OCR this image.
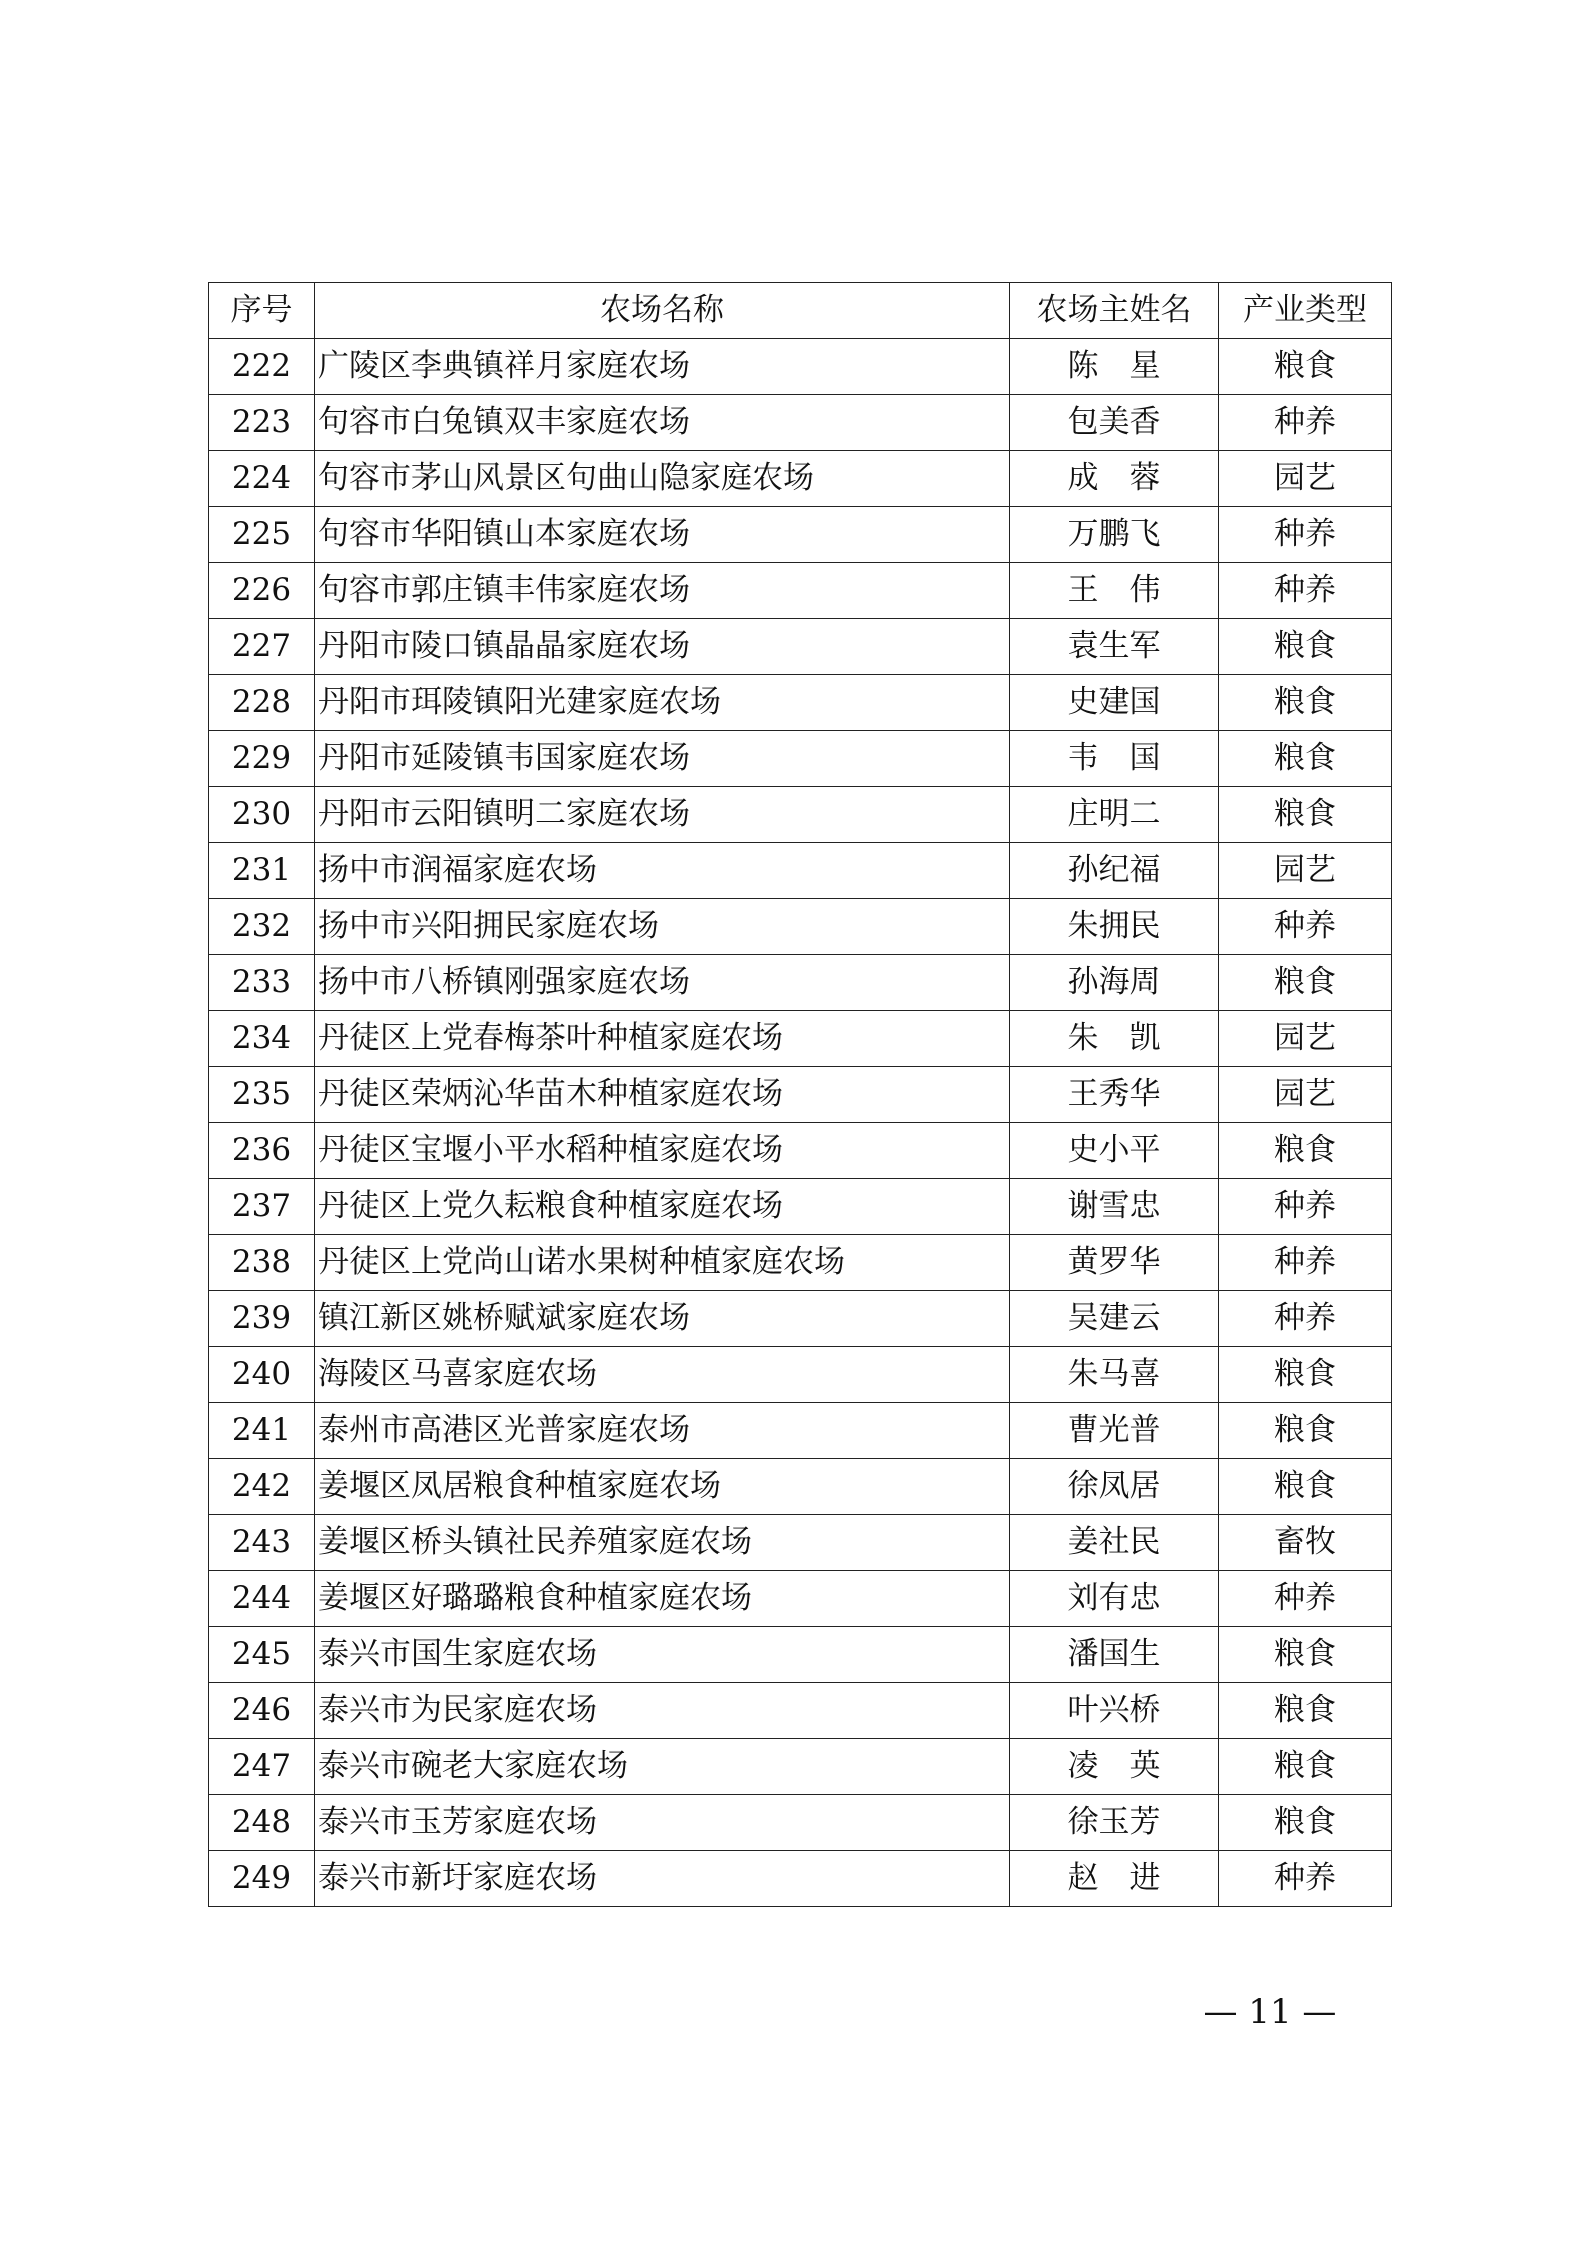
序号	农场名称	农场主姓名	产业类型
222	广陵区李典镇祥月家庭农场	陈　星	粮食
223	句容市白兔镇双丰家庭农场	包美香	种养
224	句容市茅山风景区句曲山隐家庭农场	成　蓉	园艺
225	句容市华阳镇山本家庭农场	万鹏飞	种养
226	句容市郭庄镇丰伟家庭农场	王　伟	种养
227	丹阳市陵口镇晶晶家庭农场	袁生军	粮食
228	丹阳市珥陵镇阳光建家庭农场	史建国	粮食
229	丹阳市延陵镇韦国家庭农场	韦　国	粮食
230	丹阳市云阳镇明二家庭农场	庄明二	粮食
231	扬中市润福家庭农场	孙纪福	园艺
232	扬中市兴阳拥民家庭农场	朱拥民	种养
233	扬中市八桥镇刚强家庭农场	孙海周	粮食
234	丹徒区上党春梅茶叶种植家庭农场	朱　凯	园艺
235	丹徒区荣炳沁华苗木种植家庭农场	王秀华	园艺
236	丹徒区宝堰小平水稻种植家庭农场	史小平	粮食
237	丹徒区上党久耘粮食种植家庭农场	谢雪忠	种养
238	丹徒区上党尚山诺水果树种植家庭农场	黄罗华	种养
239	镇江新区姚桥赋斌家庭农场	吴建云	种养
240	海陵区马喜家庭农场	朱马喜	粮食
241	泰州市高港区光普家庭农场	曹光普	粮食
242	姜堰区凤居粮食种植家庭农场	徐凤居	粮食
243	姜堰区桥头镇社民养殖家庭农场	姜社民	畜牧
244	姜堰区好璐璐粮食种植家庭农场	刘有忠	种养
245	泰兴市国生家庭农场	潘国生	粮食
246	泰兴市为民家庭农场	叶兴桥	粮食
247	泰兴市碗老大家庭农场	凌　英	粮食
248	泰兴市玉芳家庭农场	徐玉芳	粮食
249	泰兴市新圩家庭农场	赵　进	种养
— 11 —
